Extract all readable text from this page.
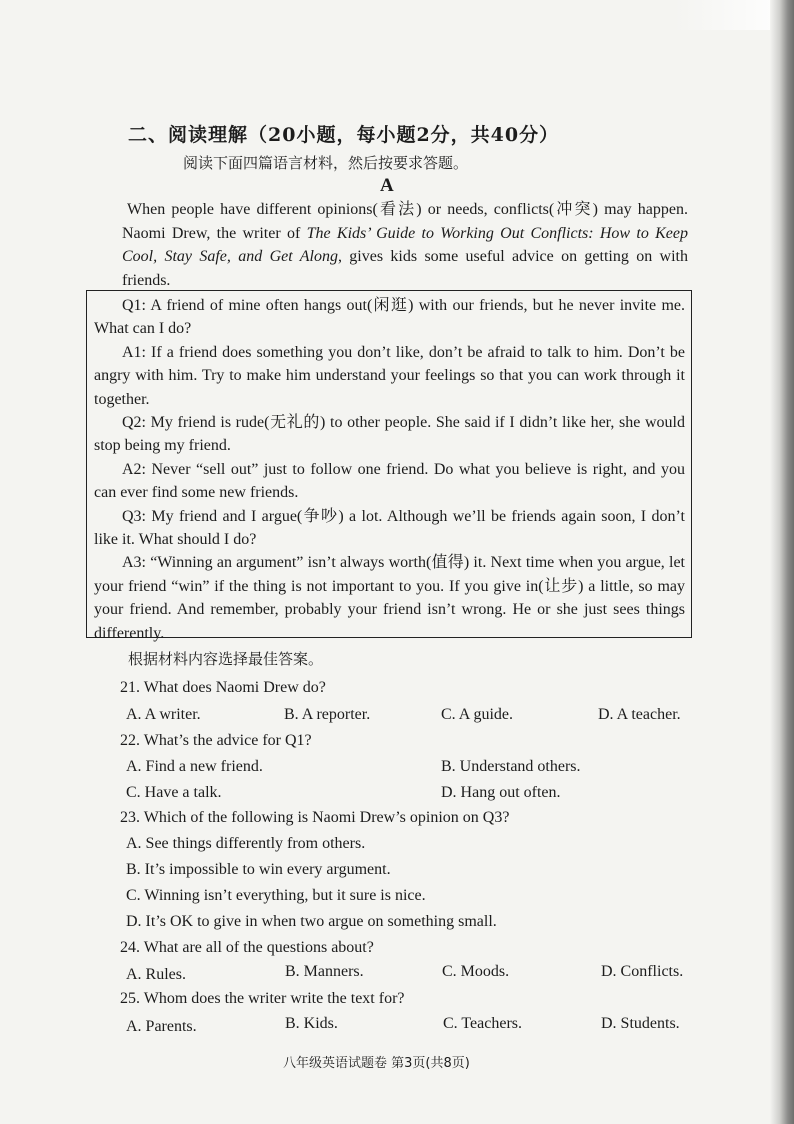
二、阅读理解（20小题，每小题2分，共40分）
阅读下面四篇语言材料，然后按要求答题。
A

When people have different opinions(看法) or needs, conflicts(冲突) may happen. Naomi Drew, the writer of The Kids’ Guide to Working Out Conflicts: How to Keep Cool, Stay Safe, and Get Along, gives kids some useful advice on getting on with friends.

Q1: A friend of mine often hangs out(闲逛) with our friends, but he never invite me. What can I do?

A1: If a friend does something you don’t like, don’t be afraid to talk to him. Don’t be angry with him. Try to make him understand your feelings so that you can work through it together.

Q2: My friend is rude(无礼的) to other people. She said if I didn’t like her, she would stop being my friend.

A2: Never “sell out” just to follow one friend. Do what you believe is right, and you can ever find some new friends.

Q3: My friend and I argue(争吵) a lot. Although we’ll be friends again soon, I don’t like it. What should I do?

A3: “Winning an argument” isn’t always worth(值得) it. Next time when you argue, let your friend “win” if the thing is not important to you. If you give in(让步) a little, so may your friend. And remember, probably your friend isn’t wrong. He or she just sees things differently.

根据材料内容选择最佳答案。
21. What does Naomi Drew do?
A. A writer.	B. A reporter.	C. A guide.	D. A teacher.
22. What’s the advice for Q1?
A. Find a new friend.	B. Understand others.
C. Have a talk.	D. Hang out often.
23. Which of the following is Naomi Drew’s opinion on Q3?
A. See things differently from others.
B. It’s impossible to win every argument.
C. Winning isn’t everything, but it sure is nice.
D. It’s OK to give in when two argue on something small.
24. What are all of the questions about?
A. Rules.	B. Manners.	C. Moods.	D. Conflicts.
25. Whom does the writer write the text for?
A. Parents.	B. Kids.	C. Teachers.	D. Students.
八年级英语试题卷 第3页(共8页)
